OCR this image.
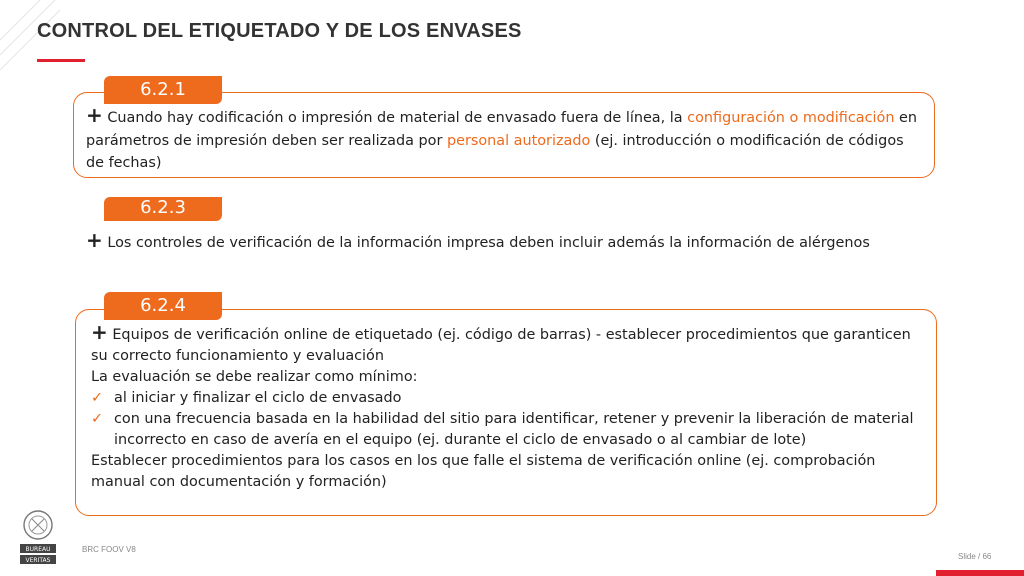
CONTROL DEL ETIQUETADO Y DE LOS ENVASES
6.2.1
+ Cuando hay codificación o impresión de material de envasado fuera de línea, la configuración o modificación en parámetros de impresión deben ser realizada por personal autorizado (ej. introducción o modificación de códigos de fechas)
6.2.3
+ Los controles de verificación de la información impresa deben incluir además la información de alérgenos
6.2.4
+ Equipos de verificación online de etiquetado (ej. código de barras) - establecer procedimientos que garanticen su correcto funcionamiento y evaluación
La evaluación se debe realizar como mínimo:
✓ al iniciar y finalizar el ciclo de envasado
✓ con una frecuencia basada en la habilidad del sitio para identificar, retener y prevenir la liberación de material incorrecto en caso de avería en el equipo (ej. durante el ciclo de envasado o al cambiar de lote)
Establecer procedimientos para los casos en los que falle el sistema de verificación online (ej. comprobación manual con documentación y formación)
BUREAU
VERITAS
BRC FOOV V8
Slide / 66
